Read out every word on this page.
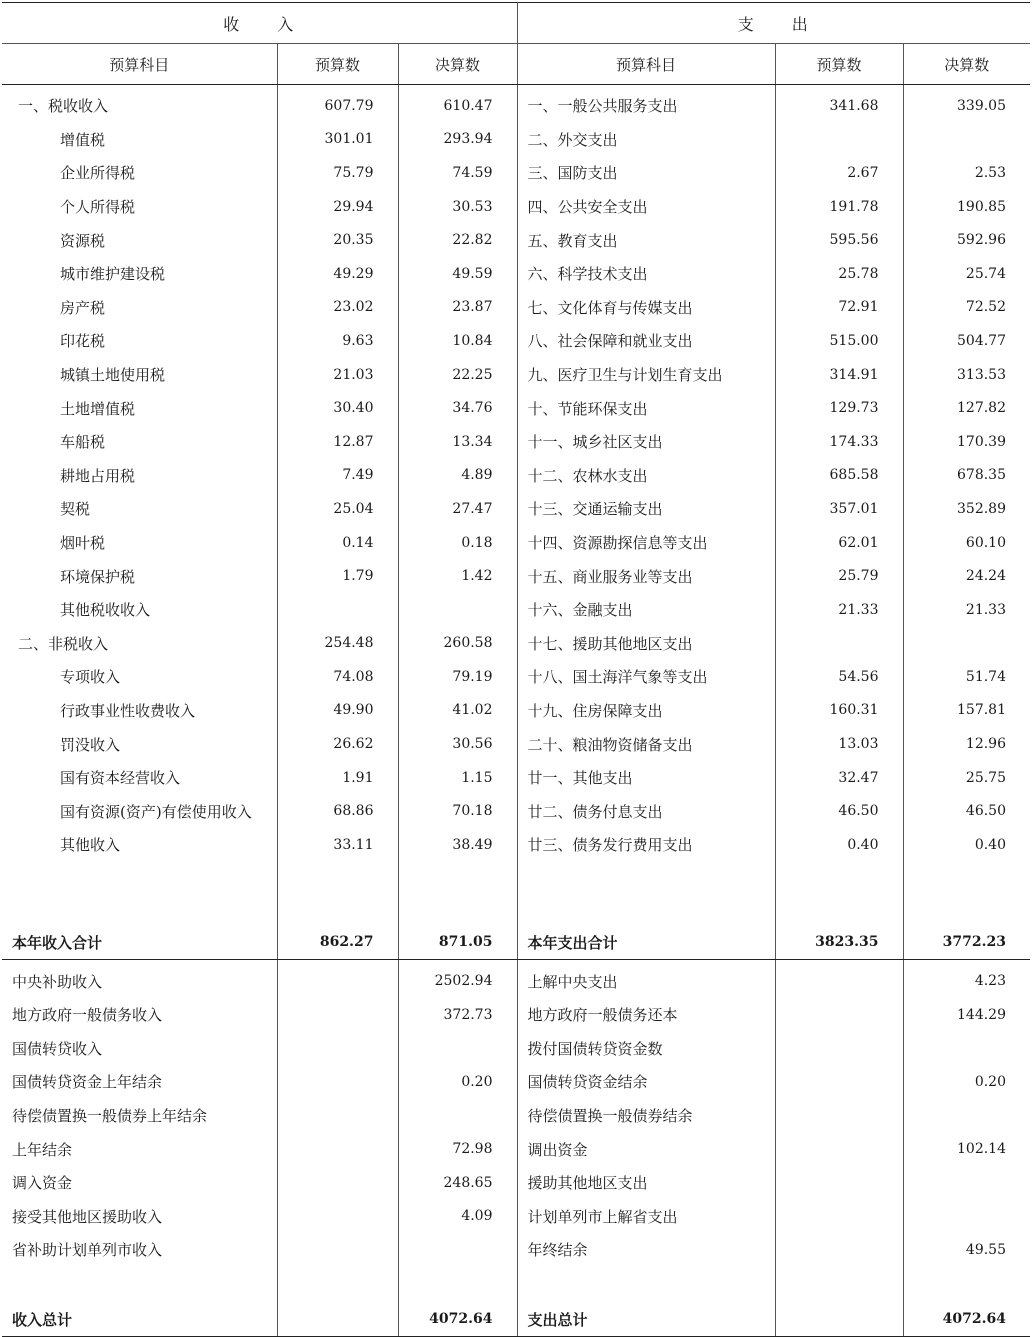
收　　入			支　　出		
预算科目	预算数	决算数	预算科目	预算数	决算数
一、税收收入	607.79	610.47	一、一般公共服务支出	341.68	339.05
增值税	301.01	293.94	二、外交支出		
企业所得税	75.79	74.59	三、国防支出	2.67	2.53
个人所得税	29.94	30.53	四、公共安全支出	191.78	190.85
资源税	20.35	22.82	五、教育支出	595.56	592.96
城市维护建设税	49.29	49.59	六、科学技术支出	25.78	25.74
房产税	23.02	23.87	七、文化体育与传媒支出	72.91	72.52
印花税	9.63	10.84	八、社会保障和就业支出	515.00	504.77
城镇土地使用税	21.03	22.25	九、医疗卫生与计划生育支出	314.91	313.53
土地增值税	30.40	34.76	十、节能环保支出	129.73	127.82
车船税	12.87	13.34	十一、城乡社区支出	174.33	170.39
耕地占用税	7.49	4.89	十二、农林水支出	685.58	678.35
契税	25.04	27.47	十三、交通运输支出	357.01	352.89
烟叶税	0.14	0.18	十四、资源勘探信息等支出	62.01	60.10
环境保护税	1.79	1.42	十五、商业服务业等支出	25.79	24.24
其他税收收入			十六、金融支出	21.33	21.33
二、非税收入	254.48	260.58	十七、援助其他地区支出		
专项收入	74.08	79.19	十八、国土海洋气象等支出	54.56	51.74
行政事业性收费收入	49.90	41.02	十九、住房保障支出	160.31	157.81
罚没收入	26.62	30.56	二十、粮油物资储备支出	13.03	12.96
国有资本经营收入	1.91	1.15	廿一、其他支出	32.47	25.75
国有资源(资产)有偿使用收入	68.86	70.18	廿二、债务付息支出	46.50	46.50
其他收入	33.11	38.49	廿三、债务发行费用支出	0.40	0.40

本年收入合计	862.27	871.05	本年支出合计	3823.35	3772.23
中央补助收入		2502.94	上解中央支出		4.23
地方政府一般债务收入		372.73	地方政府一般债务还本		144.29
国债转贷收入			拨付国债转贷资金数		
国债转贷资金上年结余		0.20	国债转贷资金结余		0.20
待偿债置换一般债券上年结余			待偿债置换一般债券结余		
上年结余		72.98	调出资金		102.14
调入资金		248.65	援助其他地区支出		
接受其他地区援助收入		4.09	计划单列市上解省支出		
省补助计划单列市收入			年终结余		49.55

收入总计		4072.64	支出总计		4072.64
